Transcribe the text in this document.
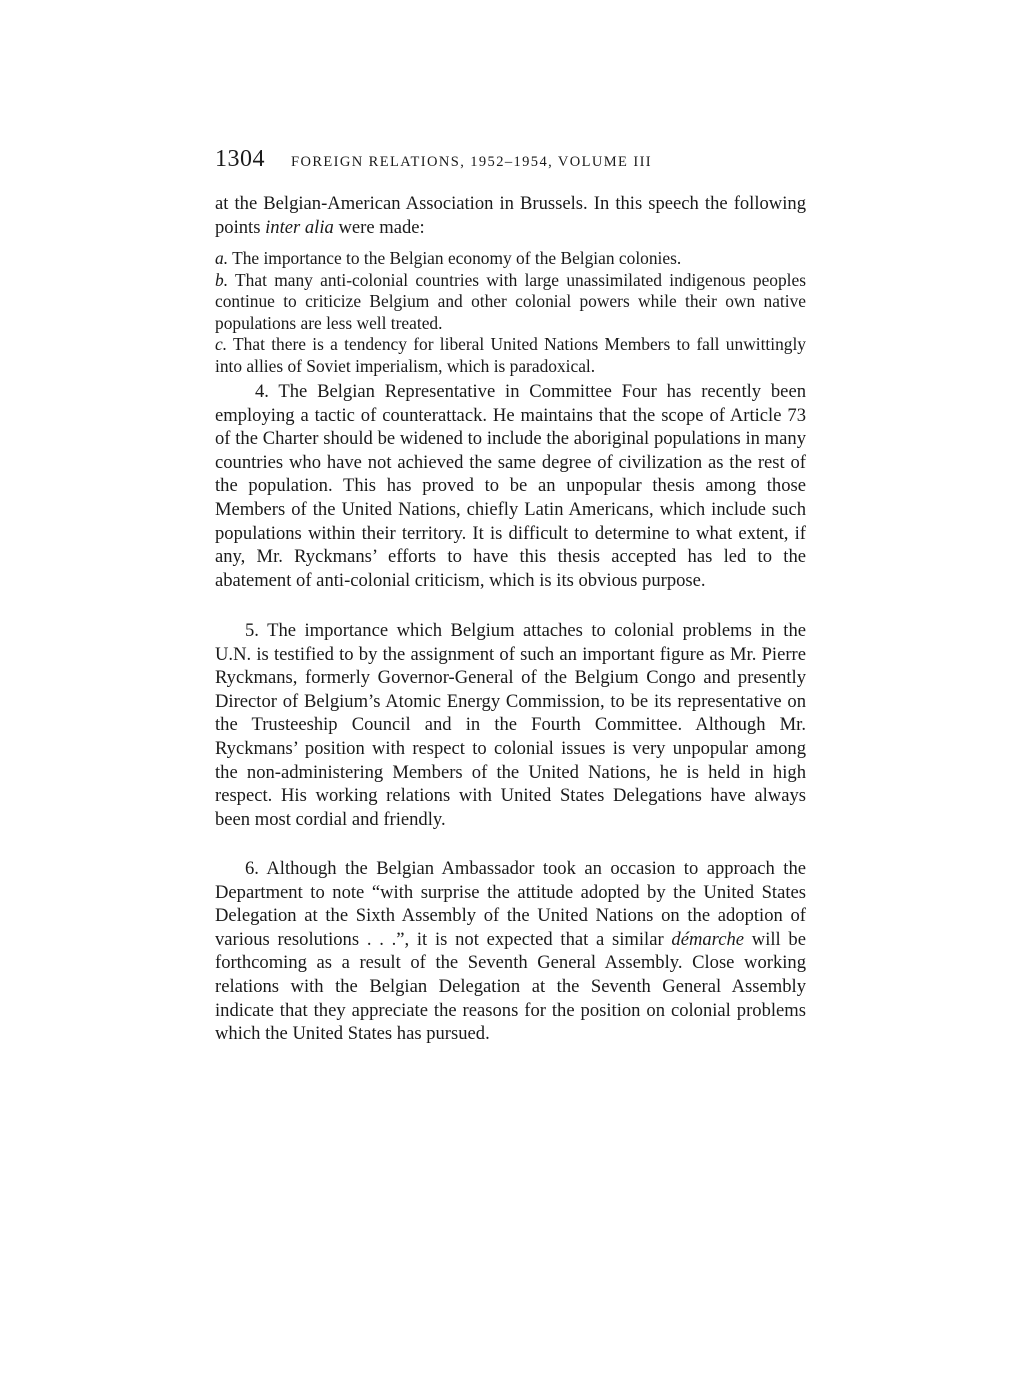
1304 FOREIGN RELATIONS, 1952–1954, VOLUME III

at the Belgian-American Association in Brussels. In this speech the following points inter alia were made:

a. The importance to the Belgian economy of the Belgian colonies.

b. That many anti-colonial countries with large unassimilated indigenous peoples continue to criticize Belgium and other colonial powers while their own native populations are less well treated.

c. That there is a tendency for liberal United Nations Members to fall unwittingly into allies of Soviet imperialism, which is paradoxical.

4. The Belgian Representative in Committee Four has recently been employing a tactic of counterattack. He maintains that the scope of Article 73 of the Charter should be widened to include the aboriginal populations in many countries who have not achieved the same degree of civilization as the rest of the population. This has proved to be an unpopular thesis among those Members of the United Nations, chiefly Latin Americans, which include such populations within their territory. It is difficult to determine to what extent, if any, Mr. Ryckmans’ efforts to have this thesis accepted has led to the abatement of anti-colonial criticism, which is its obvious purpose.

5. The importance which Belgium attaches to colonial problems in the U.N. is testified to by the assignment of such an important figure as Mr. Pierre Ryckmans, formerly Governor-General of the Belgium Congo and presently Director of Belgium’s Atomic Energy Commission, to be its representative on the Trusteeship Council and in the Fourth Committee. Although Mr. Ryckmans’ position with respect to colonial issues is very unpopular among the non-administering Members of the United Nations, he is held in high respect. His working relations with United States Delegations have always been most cordial and friendly.

6. Although the Belgian Ambassador took an occasion to approach the Department to note “with surprise the attitude adopted by the United States Delegation at the Sixth Assembly of the United Nations on the adoption of various resolutions . . .”, it is not expected that a similar démarche will be forthcoming as a result of the Seventh General Assembly. Close working relations with the Belgian Delegation at the Seventh General Assembly indicate that they appreciate the reasons for the position on colonial problems which the United States has pursued.
